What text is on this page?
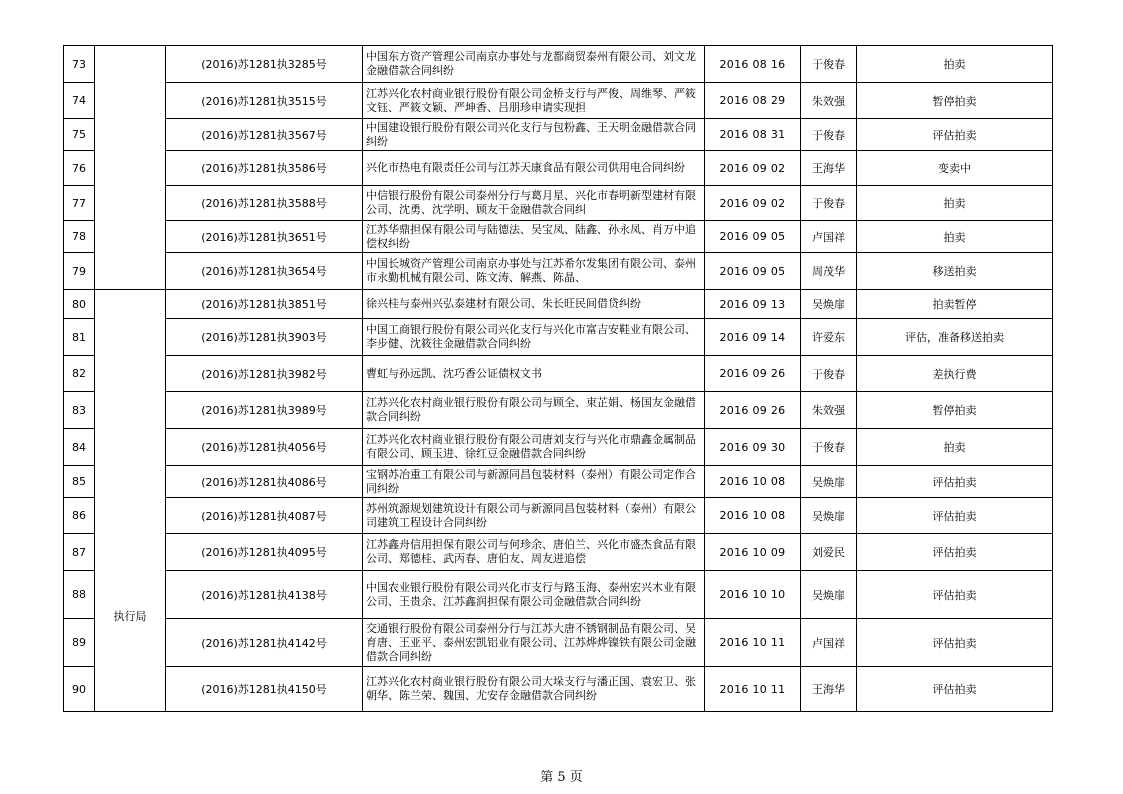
73		(2016)苏1281执3285号	中国东方资产管理公司南京办事处与龙都商贸泰州有限公司、刘文龙金融借款合同纠纷	2016 08 16	于俊春	拍卖
74		(2016)苏1281执3515号	江苏兴化农村商业银行股份有限公司金桥支行与严俊、周维琴、严筱文钰、严筱文颖、严坤香、吕朋珍申请实现担	2016 08 29	朱效强	暂停拍卖
75		(2016)苏1281执3567号	中国建设银行股份有限公司兴化支行与包粉鑫、王天明金融借款合同纠纷	2016 08 31	于俊春	评估拍卖
76		(2016)苏1281执3586号	兴化市热电有限责任公司与江苏天康食品有限公司供用电合同纠纷	2016 09 02	王海华	变卖中
77		(2016)苏1281执3588号	中信银行股份有限公司泰州分行与葛月星、兴化市春明新型建材有限公司、沈勇、沈学明、顾友干金融借款合同纠	2016 09 02	于俊春	拍卖
78		(2016)苏1281执3651号	江苏华鼎担保有限公司与陆德法、吴宝凤、陆鑫、孙永凤、肖万中追偿权纠纷	2016 09 05	卢国祥	拍卖
79		(2016)苏1281执3654号	中国长城资产管理公司南京办事处与江苏希尔发集团有限公司、泰州市永勤机械有限公司、陈文涛、解燕、陈晶、	2016 09 05	周茂华	移送拍卖
80	执行局	(2016)苏1281执3851号	徐兴桂与泰州兴弘泰建材有限公司、朱长旺民间借贷纠纷	2016 09 13	吴焕扉	拍卖暂停
81		(2016)苏1281执3903号	中国工商银行股份有限公司兴化支行与兴化市富吉安鞋业有限公司、李步健、沈筱往金融借款合同纠纷	2016 09 14	许爱东	评估，准备移送拍卖
82		(2016)苏1281执3982号	曹虹与孙远凯、沈巧香公证债权文书	2016 09 26	于俊春	差执行费
83		(2016)苏1281执3989号	江苏兴化农村商业银行股份有限公司与顾全、束芷娟、杨国友金融借款合同纠纷	2016 09 26	朱效强	暂停拍卖
84		(2016)苏1281执4056号	江苏兴化农村商业银行股份有限公司唐刘支行与兴化市鼎鑫金属制品有限公司、顾玉进、徐红豆金融借款合同纠纷	2016 09 30	于俊春	拍卖
85		(2016)苏1281执4086号	宝钢苏冶重工有限公司与新源同昌包装材料（泰州）有限公司定作合同纠纷	2016 10 08	吴焕扉	评估拍卖
86		(2016)苏1281执4087号	苏州筑源规划建筑设计有限公司与新源同昌包装材料（泰州）有限公司建筑工程设计合同纠纷	2016 10 08	吴焕扉	评估拍卖
87		(2016)苏1281执4095号	江苏鑫舟信用担保有限公司与何珍余、唐伯兰、兴化市盛杰食品有限公司、郑德桂、武丙春、唐伯友、周友进追偿	2016 10 09	刘爱民	评估拍卖
88		(2016)苏1281执4138号	中国农业银行股份有限公司兴化市支行与路玉海、泰州宏兴木业有限公司、王贵余、江苏鑫润担保有限公司金融借款合同纠纷	2016 10 10	吴焕扉	评估拍卖
89		(2016)苏1281执4142号	交通银行股份有限公司泰州分行与江苏大唐不锈钢制品有限公司、吴育唐、王亚平、泰州宏凯铝业有限公司、江苏烨烨镍铁有限公司金融借款合同纠纷	2016 10 11	卢国祥	评估拍卖
90		(2016)苏1281执4150号	江苏兴化农村商业银行股份有限公司大垛支行与潘正国、袁宏卫、张朝华、陈兰荣、魏国、尤安存金融借款合同纠纷	2016 10 11	王海华	评估拍卖
第 5 页
